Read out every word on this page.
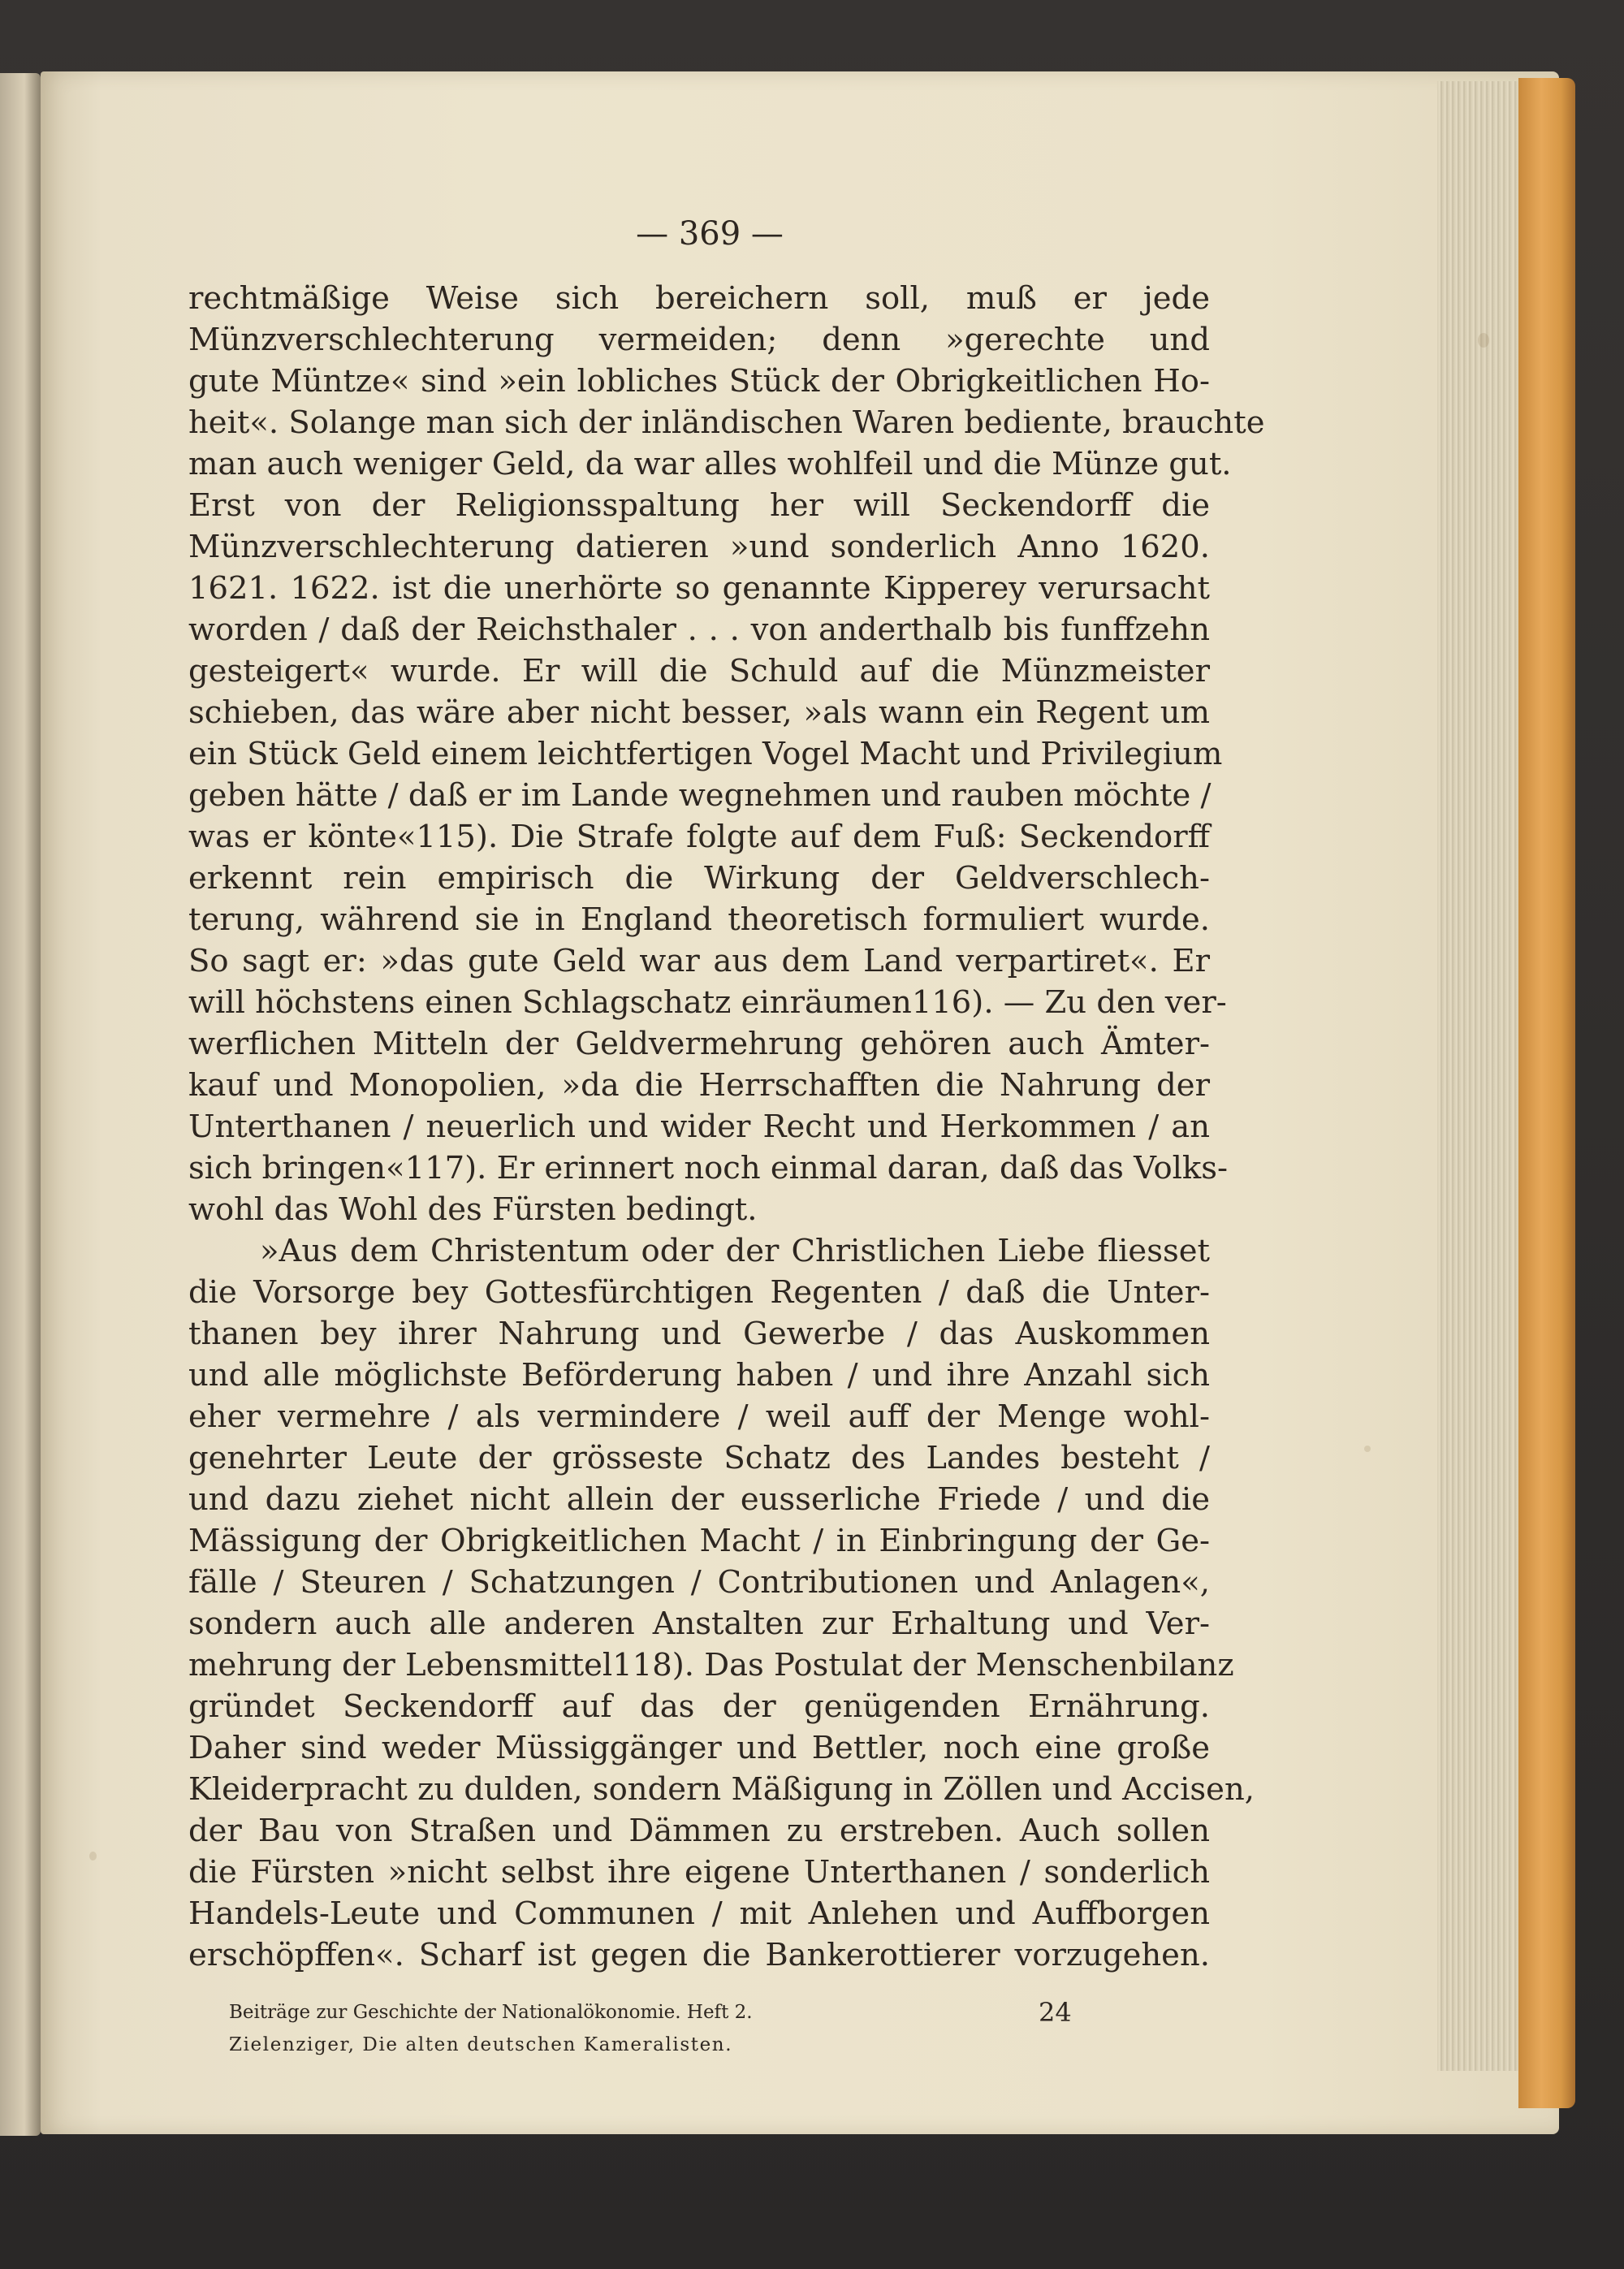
— 369 —
rechtmäßige Weise sich bereichern soll, muß er jede
Münzverschlechterung vermeiden; denn »gerechte und
gute Müntze« sind »ein lobliches Stück der Obrigkeitlichen Ho-
heit«. Solange man sich der inländischen Waren bediente, brauchte
man auch weniger Geld, da war alles wohlfeil und die Münze gut.
Erst von der Religionsspaltung her will Seckendorff die
Münzverschlechterung datieren »und sonderlich Anno 1620.
1621. 1622. ist die unerhörte so genannte Kipperey verursacht
worden / daß der Reichsthaler . . . von anderthalb bis funffzehn
gesteigert« wurde. Er will die Schuld auf die Münzmeister
schieben, das wäre aber nicht besser, »als wann ein Regent um
ein Stück Geld einem leichtfertigen Vogel Macht und Privilegium
geben hätte / daß er im Lande wegnehmen und rauben möchte /
was er könte«115). Die Strafe folgte auf dem Fuß: Seckendorff
erkennt rein empirisch die Wirkung der Geldverschlech-
terung, während sie in England theoretisch formuliert wurde.
So sagt er: »das gute Geld war aus dem Land verpartiret«. Er
will höchstens einen Schlagschatz einräumen116). — Zu den ver-
werflichen Mitteln der Geldvermehrung gehören auch Ämter-
kauf und Monopolien, »da die Herrschafften die Nahrung der
Unterthanen / neuerlich und wider Recht und Herkommen / an
sich bringen«117). Er erinnert noch einmal daran, daß das Volks-
wohl das Wohl des Fürsten bedingt.
»Aus dem Christentum oder der Christlichen Liebe fliesset
die Vorsorge bey Gottesfürchtigen Regenten / daß die Unter-
thanen bey ihrer Nahrung und Gewerbe / das Auskommen
und alle möglichste Beförderung haben / und ihre Anzahl sich
eher vermehre / als vermindere / weil auff der Menge wohl-
genehrter Leute der grösseste Schatz des Landes besteht /
und dazu ziehet nicht allein der eusserliche Friede / und die
Mässigung der Obrigkeitlichen Macht / in Einbringung der Ge-
fälle / Steuren / Schatzungen / Contributionen und Anlagen«,
sondern auch alle anderen Anstalten zur Erhaltung und Ver-
mehrung der Lebensmittel118). Das Postulat der Menschenbilanz
gründet Seckendorff auf das der genügenden Ernährung.
Daher sind weder Müssiggänger und Bettler, noch eine große
Kleiderpracht zu dulden, sondern Mäßigung in Zöllen und Accisen,
der Bau von Straßen und Dämmen zu erstreben. Auch sollen
die Fürsten »nicht selbst ihre eigene Unterthanen / sonderlich
Handels-Leute und Communen / mit Anlehen und Auffborgen
erschöpffen«. Scharf ist gegen die Bankerottierer vorzugehen.
Beiträge zur Geschichte der Nationalökonomie. Heft 2.
Zielenziger, Die alten deutschen Kameralisten.
24
